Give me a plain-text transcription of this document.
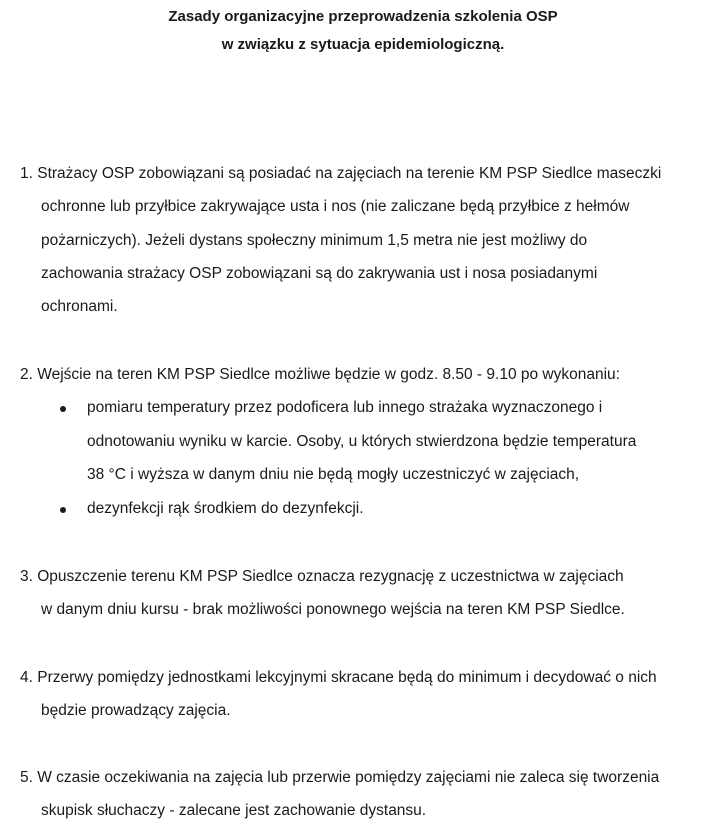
Zasady organizacyjne przeprowadzenia szkolenia OSP
w związku z sytuacja epidemiologiczną.
1. Strażacy OSP zobowiązani są posiadać na zajęciach na terenie KM PSP Siedlce maseczki
ochronne lub przyłbice zakrywające usta i nos (nie zaliczane będą przyłbice z hełmów
pożarniczych). Jeżeli dystans społeczny minimum 1,5 metra nie jest możliwy do
zachowania strażacy OSP zobowiązani są do zakrywania ust i nosa posiadanymi
ochronami.
2. Wejście na teren KM PSP Siedlce możliwe będzie w godz. 8.50 - 9.10 po wykonaniu:
pomiaru temperatury przez podoficera lub innego strażaka wyznaczonego i
odnotowaniu wyniku w karcie. Osoby, u których stwierdzona będzie temperatura
38 °C i wyższa w danym dniu nie będą mogły uczestniczyć w zajęciach,
dezynfekcji rąk środkiem do dezynfekcji.
3. Opuszczenie terenu KM PSP Siedlce oznacza rezygnację z uczestnictwa w zajęciach
w danym dniu kursu - brak możliwości ponownego wejścia na teren KM PSP Siedlce.
4. Przerwy pomiędzy jednostkami lekcyjnymi skracane będą do minimum i decydować o nich
będzie prowadzący zajęcia.
5. W czasie oczekiwania na zajęcia lub przerwie pomiędzy zajęciami nie zaleca się tworzenia
skupisk słuchaczy - zalecane jest zachowanie dystansu.
